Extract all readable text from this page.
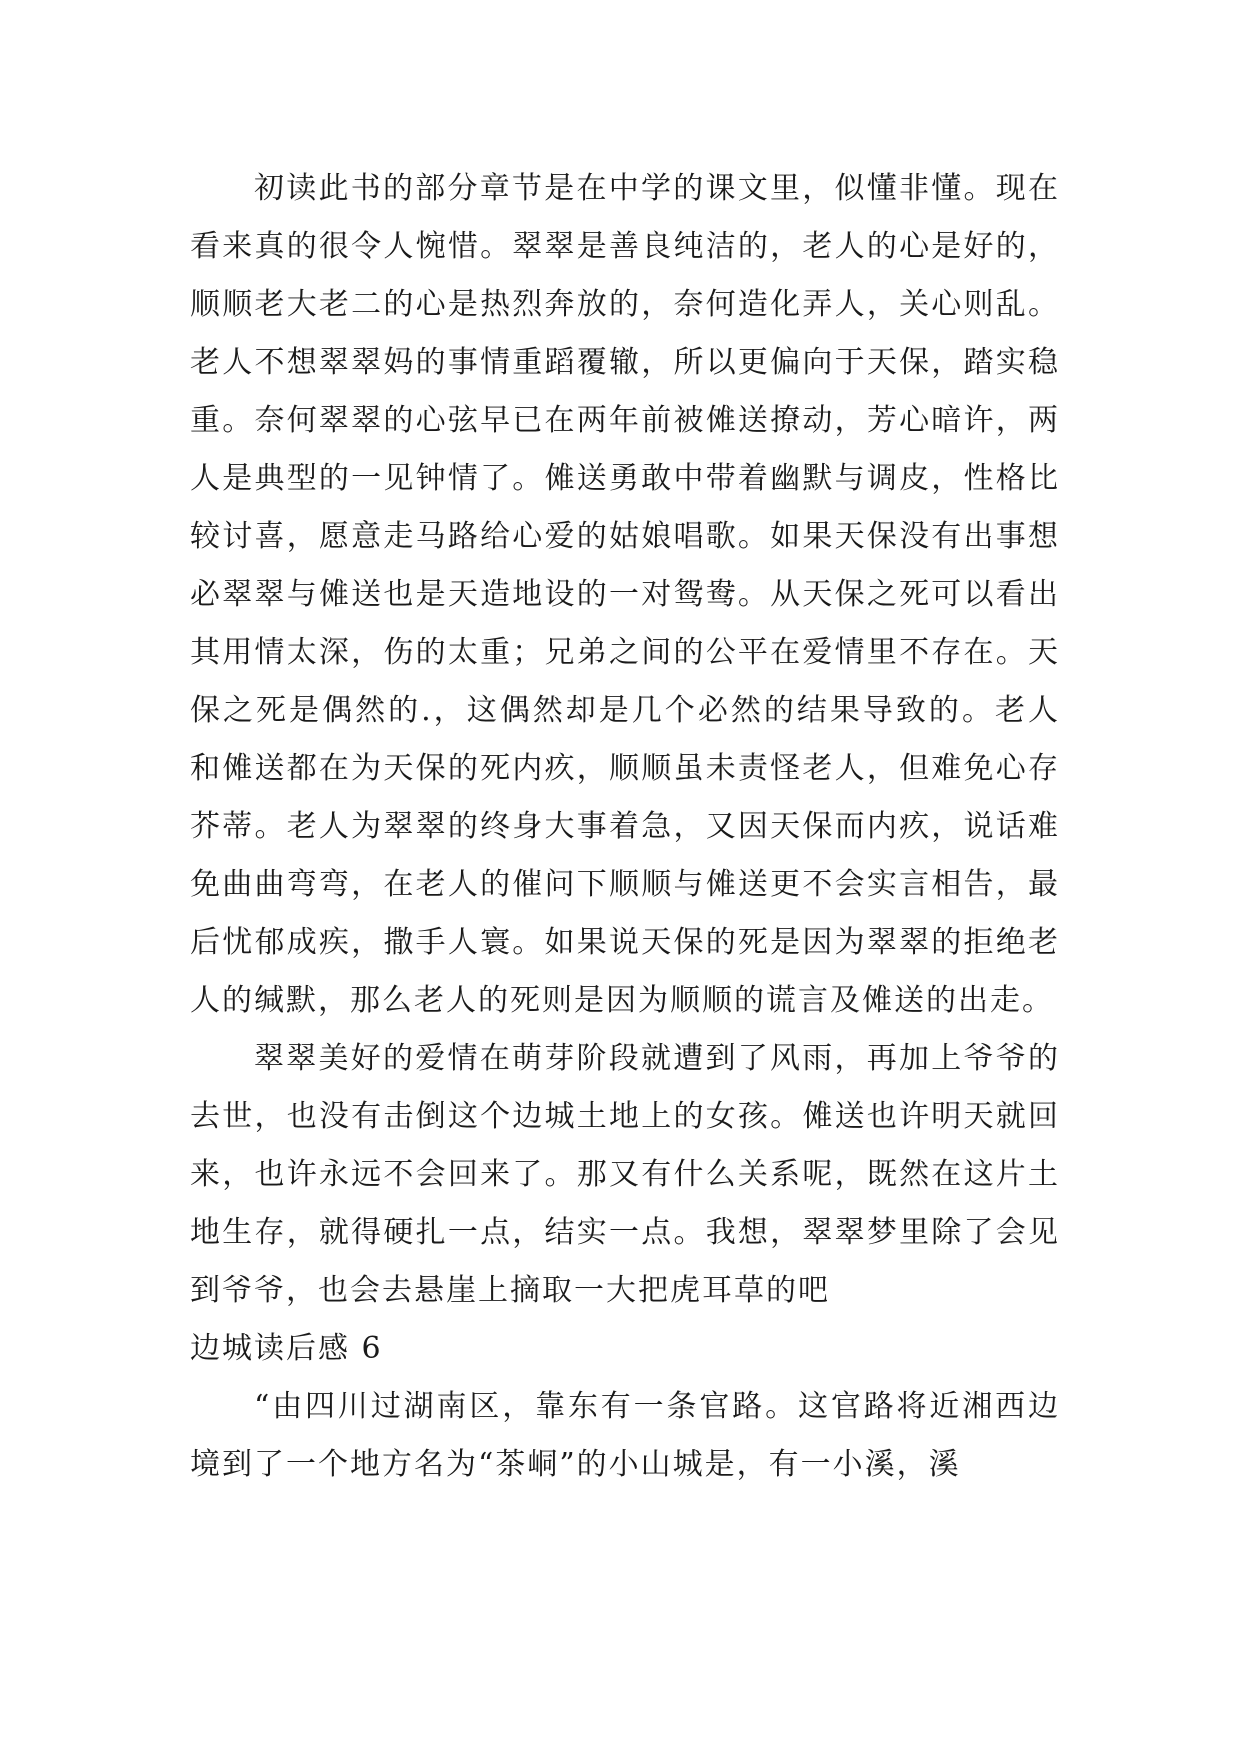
初读此书的部分章节是在中学的课文里，似懂非懂。现在看来真的很令人惋惜。翠翠是善良纯洁的，老人的心是好的，顺顺老大老二的心是热烈奔放的，奈何造化弄人，关心则乱。老人不想翠翠妈的事情重蹈覆辙，所以更偏向于天保，踏实稳重。奈何翠翠的心弦早已在两年前被傩送撩动，芳心暗许，两人是典型的一见钟情了。傩送勇敢中带着幽默与调皮，性格比较讨喜，愿意走马路给心爱的姑娘唱歌。如果天保没有出事想必翠翠与傩送也是天造地设的一对鸳鸯。从天保之死可以看出其用情太深，伤的太重；兄弟之间的公平在爱情里不存在。天保之死是偶然的.，这偶然却是几个必然的结果导致的。老人和傩送都在为天保的死内疚，顺顺虽未责怪老人，但难免心存芥蒂。老人为翠翠的终身大事着急，又因天保而内疚，说话难免曲曲弯弯，在老人的催问下顺顺与傩送更不会实言相告，最后忧郁成疾，撒手人寰。如果说天保的死是因为翠翠的拒绝老人的缄默，那么老人的死则是因为顺顺的谎言及傩送的出走。

翠翠美好的爱情在萌芽阶段就遭到了风雨，再加上爷爷的去世，也没有击倒这个边城土地上的女孩。傩送也许明天就回来，也许永远不会回来了。那又有什么关系呢，既然在这片土地生存，就得硬扎一点，结实一点。我想，翠翠梦里除了会见到爷爷，也会去悬崖上摘取一大把虎耳草的吧

边城读后感 6

“由四川过湖南区，靠东有一条官路。这官路将近湘西边境到了一个地方名为“茶峒”的小山城是，有一小溪，溪
